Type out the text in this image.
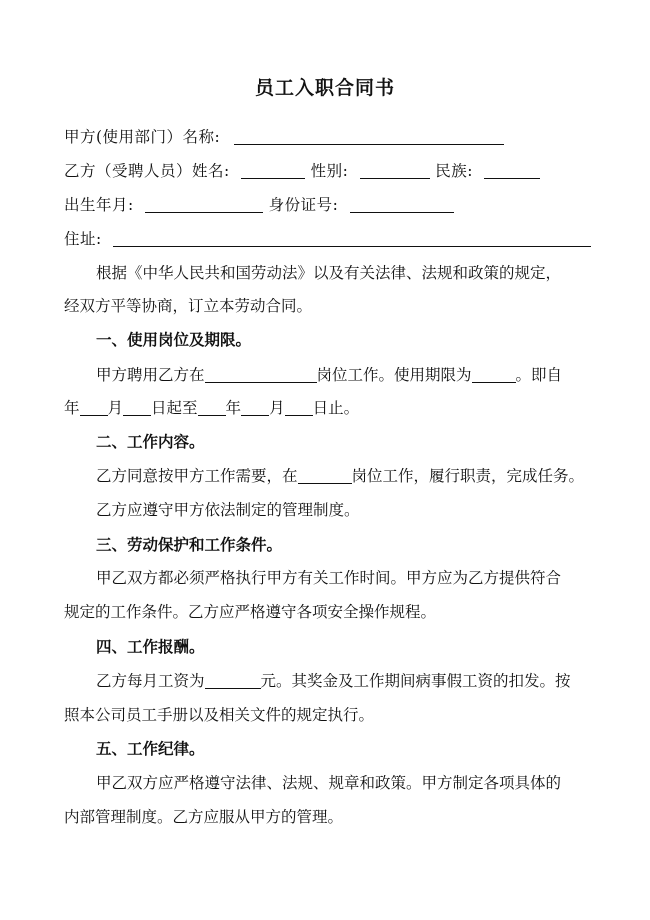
员工入职合同书
甲方(使用部门）名称:
乙方（受聘人员）姓名:	性别:	民族:
出生年月:	身份证号:
住址:
根据《中华人民共和国劳动法》以及有关法律、法规和政策的规定，
经双方平等协商，订立本劳动合同。
一、使用岗位及期限。
甲方聘用乙方在	岗位工作。使用期限为	。即自
年 月 日起至 年 月 日止。
二、工作内容。
乙方同意按甲方工作需要，在	岗位工作，履行职责，完成任务。
乙方应遵守甲方依法制定的管理制度。
三、劳动保护和工作条件。
甲乙双方都必须严格执行甲方有关工作时间。甲方应为乙方提供符合
规定的工作条件。乙方应严格遵守各项安全操作规程。
四、工作报酬。
乙方每月工资为	元。其奖金及工作期间病事假工资的扣发。按
照本公司员工手册以及相关文件的规定执行。
五、工作纪律。
甲乙双方应严格遵守法律、法规、规章和政策。甲方制定各项具体的
内部管理制度。乙方应服从甲方的管理。
